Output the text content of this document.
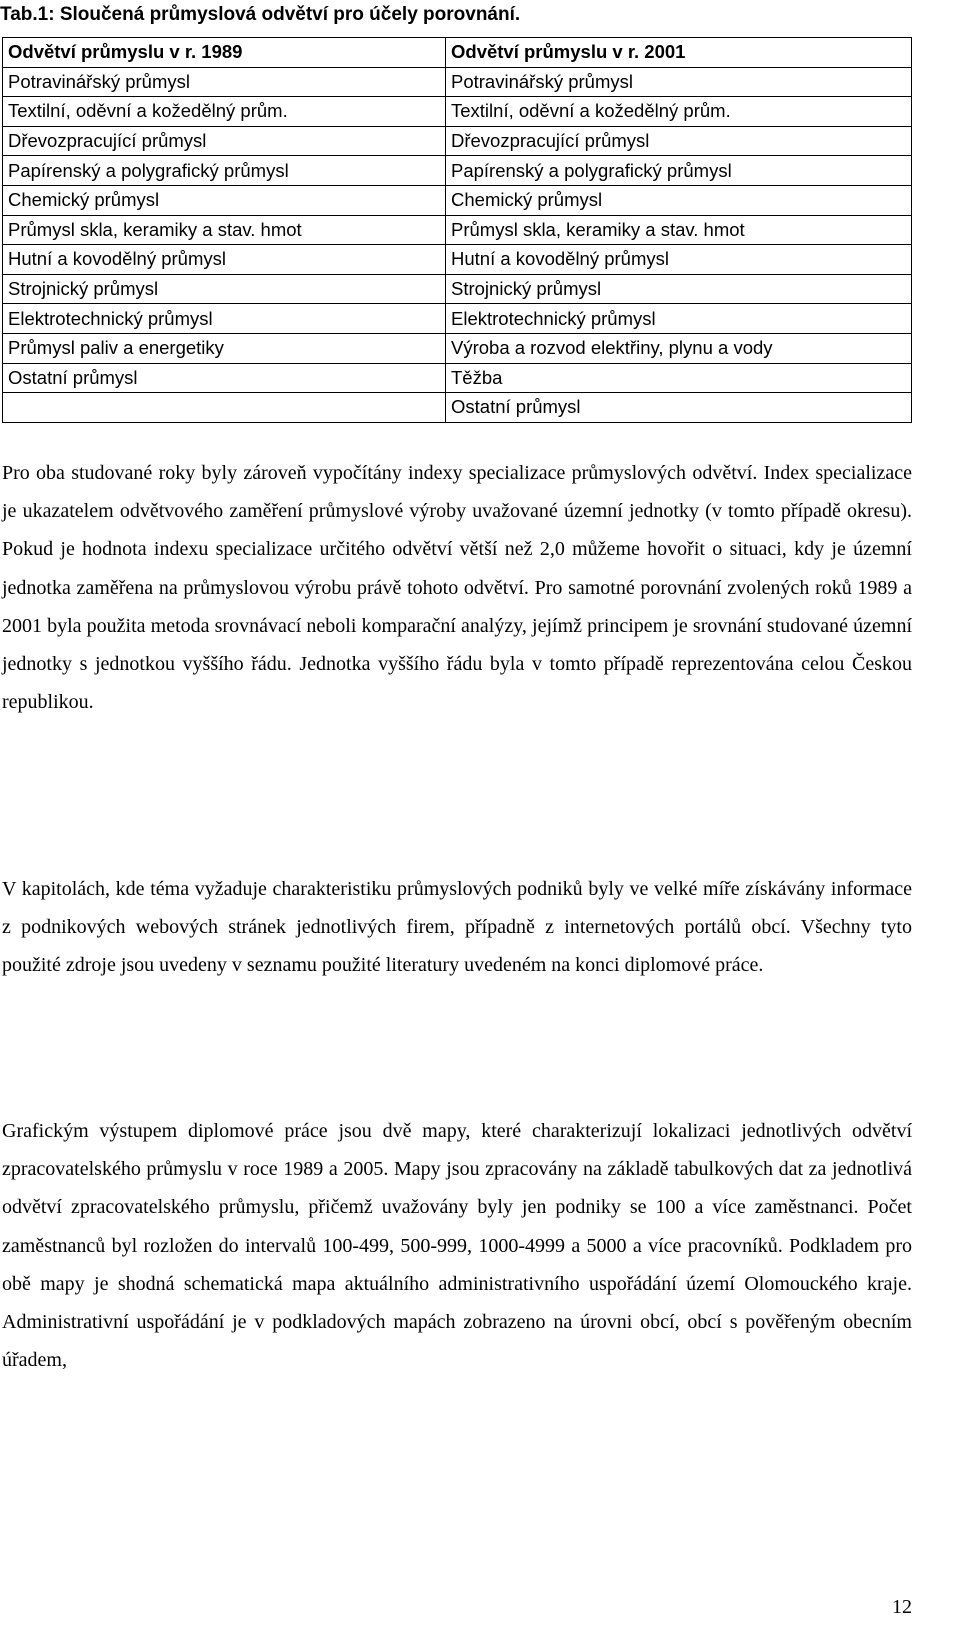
Tab.1: Sloučená průmyslová odvětví pro účely porovnání.
Odvětví průmyslu v r. 1989	Odvětví průmyslu v r. 2001
Potravinářský průmysl	Potravinářský průmysl
Textilní, oděvní a kožedělný prům.	Textilní, oděvní a kožedělný prům.
Dřevozpracující průmysl	Dřevozpracující průmysl
Papírenský a polygrafický průmysl	Papírenský a polygrafický průmysl
Chemický průmysl	Chemický průmysl
Průmysl skla, keramiky a stav. hmot	Průmysl skla, keramiky a stav. hmot
Hutní a kovodělný průmysl	Hutní a kovodělný průmysl
Strojnický průmysl	Strojnický průmysl
Elektrotechnický průmysl	Elektrotechnický průmysl
Průmysl paliv a energetiky	Výroba a rozvod elektřiny, plynu a vody
Ostatní průmysl	Těžba
	Ostatní průmysl

Pro oba studované roky byly zároveň vypočítány indexy specializace průmyslových odvětví. Index specializace je ukazatelem odvětvového zaměření průmyslové výroby uvažované územní jednotky (v tomto případě okresu). Pokud je hodnota indexu specializace určitého odvětví větší než 2,0 můžeme hovořit o situaci, kdy je územní jednotka zaměřena na průmyslovou výrobu právě tohoto odvětví. Pro samotné porovnání zvolených roků 1989 a 2001 byla použita metoda srovnávací neboli komparační analýzy, jejímž principem je srovnání studované územní jednotky s jednotkou vyššího řádu. Jednotka vyššího řádu byla v tomto případě reprezentována celou Českou republikou.

V kapitolách, kde téma vyžaduje charakteristiku průmyslových podniků byly ve velké míře získávány informace z podnikových webových stránek jednotlivých firem, případně z internetových portálů obcí. Všechny tyto použité zdroje jsou uvedeny v seznamu použité literatury uvedeném na konci diplomové práce.

Grafickým výstupem diplomové práce jsou dvě mapy, které charakterizují lokalizaci jednotlivých odvětví zpracovatelského průmyslu v roce 1989 a 2005. Mapy jsou zpracovány na základě tabulkových dat za jednotlivá odvětví zpracovatelského průmyslu, přičemž uvažovány byly jen podniky se 100 a více zaměstnanci. Počet zaměstnanců byl rozložen do intervalů 100-499, 500-999, 1000-4999 a 5000 a více pracovníků. Podkladem pro obě mapy je shodná schematická mapa aktuálního administrativního uspořádání území Olomouckého kraje. Administrativní uspořádání je v podkladových mapách zobrazeno na úrovni obcí, obcí s pověřeným obecním úřadem,

12
